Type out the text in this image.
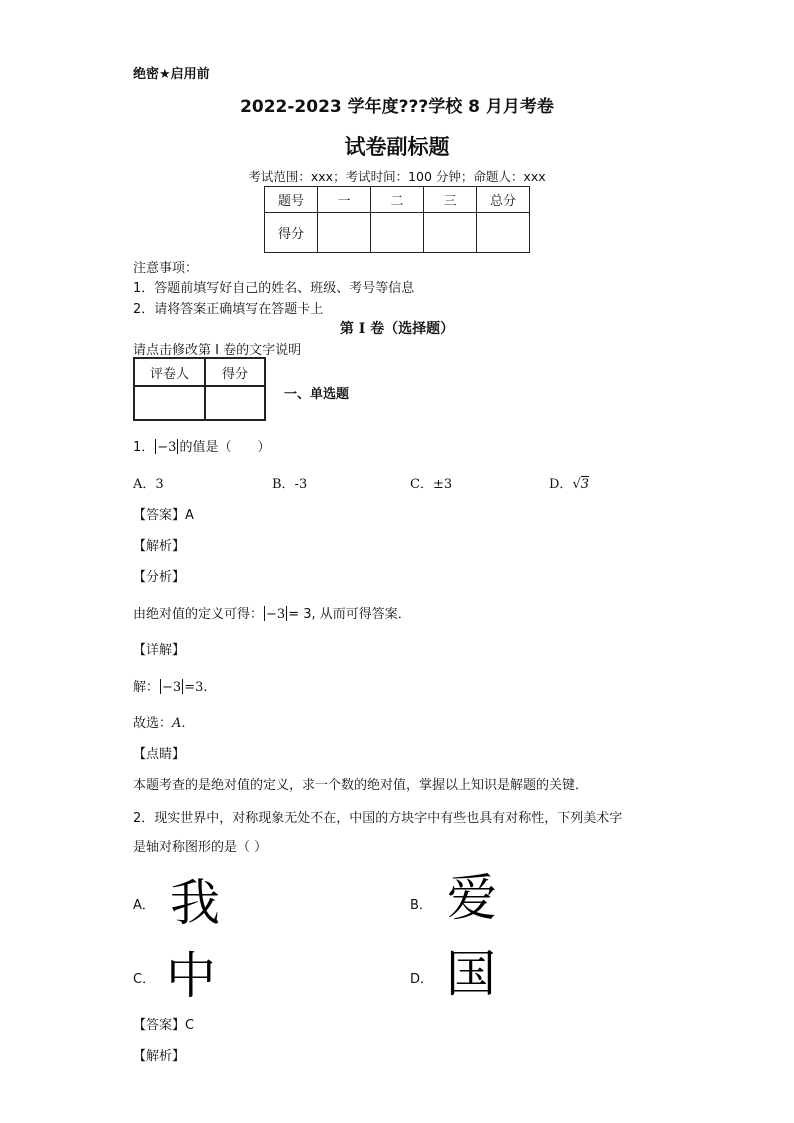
绝密★启用前
2022-2023 学年度???学校 8 月月考卷
试卷副标题
考试范围：xxx；考试时间：100 分钟；命题人：xxx
题号	一	二	三	总分
得分				
注意事项：
1．答题前填写好自己的姓名、班级、考号等信息
2．请将答案正确填写在答题卡上
第 I 卷（选择题）
请点击修改第 I 卷的文字说明
评卷人	得分

一、单选题
1． −3 的值是（　　）
A．3	B．-3	C．±3	D．√3
【答案】A
【解析】
【分析】
由绝对值的定义可得： −3 = 3, 从而可得答案．
【详解】
解： −3 =3.
故选：A.
【点睛】
本题考查的是绝对值的定义，求一个数的绝对值，掌握以上知识是解题的关键．
2．现实世界中，对称现象无处不在，中国的方块字中有些也具有对称性，下列美术字
是轴对称图形的是（ ）
A． 我	B． 爱
C． 中	D． 国
【答案】C
【解析】
